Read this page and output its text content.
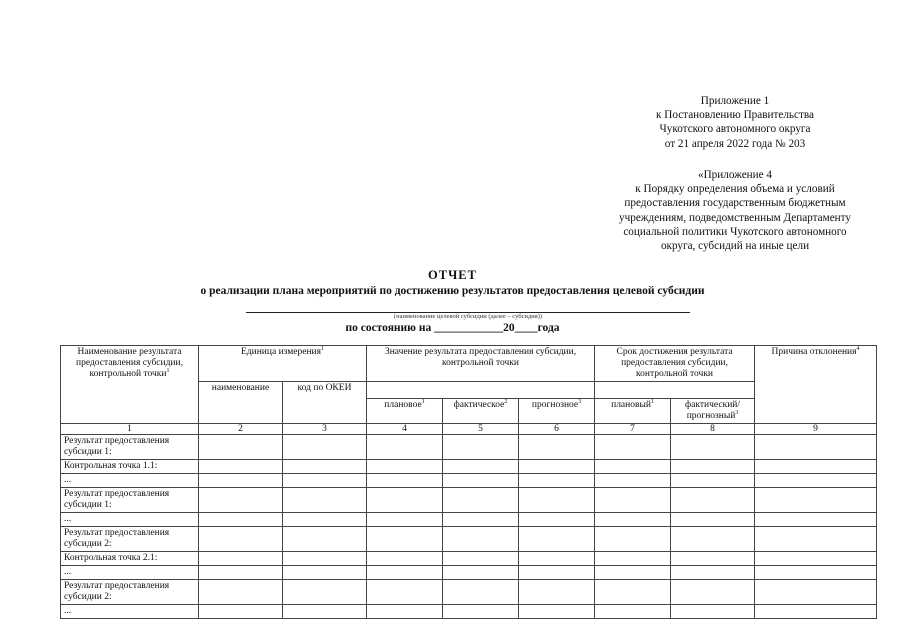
Приложение 1
к Постановлению Правительства
Чукотского автономного округа
от 21 апреля 2022 года № 203
«Приложение 4
к Порядку определения объема и условий
предоставления государственным бюджетным
учреждениям, подведомственным Департаменту
социальной политики Чукотского автономного
округа, субсидий на иные цели
ОТЧЕТ
о реализации плана мероприятий по достижению результатов предоставления целевой субсидии
(наименование целевой субсидии (далее – субсидия))
по состоянию на ____________20____года
Наименование результата предоставления субсидии, контрольной точки$^1$	Единица измерения$^1$		Значение результата предоставления субсидии, контрольной точки			Срок достижения результата предоставления субсидии, контрольной точки		Причина отклонения$^4$
	наименование	код по ОКЕИ						
			плановое$^1$	фактическое$^2$	прогнозное$^3$	плановый$^1$	фактический/ прогнозный$^3$
1	2	3	4	5	6	7	8	9
Результат предоставления субсидии 1:								
Контрольная точка 1.1:								
...								
Результат предоставления субсидии 1:								
...								
Результат предоставления субсидии 2:								
Контрольная точка 2.1:								
...								
Результат предоставления субсидии 2:								
...								
